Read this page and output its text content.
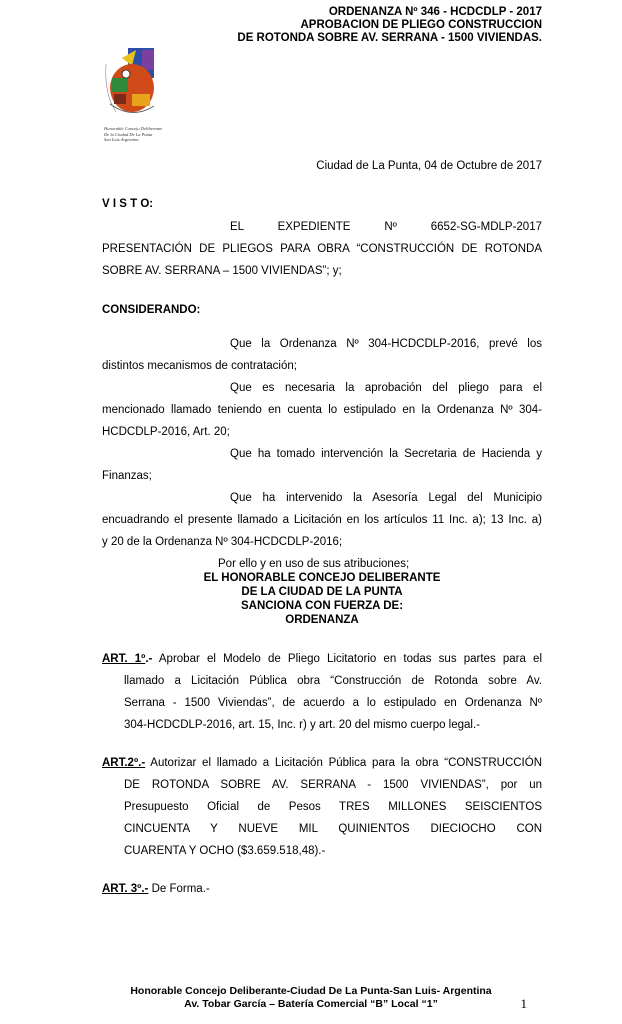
ORDENANZA Nº 346 - HCDCDLP - 2017
APROBACION DE PLIEGO CONSTRUCCION
DE ROTONDA SOBRE AV. SERRANA - 1500 VIVIENDAS.
Honorable Concejo Deliberante
De la Ciudad De La Punta
San Luis Argentina
Ciudad de La Punta, 04 de Octubre de 2017
V I S T O:
EL EXPEDIENTE Nº 6652-SG-MDLP-2017
PRESENTACIÓN DE PLIEGOS PARA OBRA “CONSTRUCCIÓN DE ROTONDA
SOBRE AV. SERRANA – 1500 VIVIENDAS”; y;
CONSIDERANDO:
Que la Ordenanza Nº 304-HCDCDLP-2016, prevé los
distintos mecanismos de contratación;
Que es necesaria la aprobación del pliego para el
mencionado llamado teniendo en cuenta lo estipulado en la Ordenanza Nº 304-
HCDCDLP-2016, Art. 20;
Que ha tomado intervención la Secretaria de Hacienda y
Finanzas;
Que ha intervenido la Asesoría Legal del Municipio
encuadrando el presente llamado a Licitación en los artículos 11 Inc. a); 13 Inc. a)
y 20 de la Ordenanza Nº 304-HCDCDLP-2016;
Por ello y en uso de sus atribuciones;
EL HONORABLE CONCEJO DELIBERANTE
DE LA CIUDAD DE LA PUNTA
SANCIONA CON FUERZA DE:
ORDENANZA
ART. 1º.- Aprobar el Modelo de Pliego Licitatorio en todas sus partes para el
llamado a Licitación Pública obra “Construcción de Rotonda sobre Av.
Serrana - 1500 Viviendas”, de acuerdo a lo estipulado en Ordenanza Nº
304-HCDCDLP-2016, art. 15, Inc. r) y art. 20 del mismo cuerpo legal.-
ART.2º.- Autorizar el llamado a Licitación Pública para la obra “CONSTRUCCIÓN
DE ROTONDA SOBRE AV. SERRANA - 1500 VIVIENDAS”, por un
Presupuesto Oficial de Pesos TRES MILLONES SEISCIENTOS
CINCUENTA Y NUEVE MIL QUINIENTOS DIECIOCHO CON
CUARENTA Y OCHO ($3.659.518,48).-
ART. 3º.- De Forma.-
Honorable Concejo Deliberante-Ciudad De La Punta-San Luis- Argentina
Av. Tobar García – Batería Comercial “B” Local “1”	1
